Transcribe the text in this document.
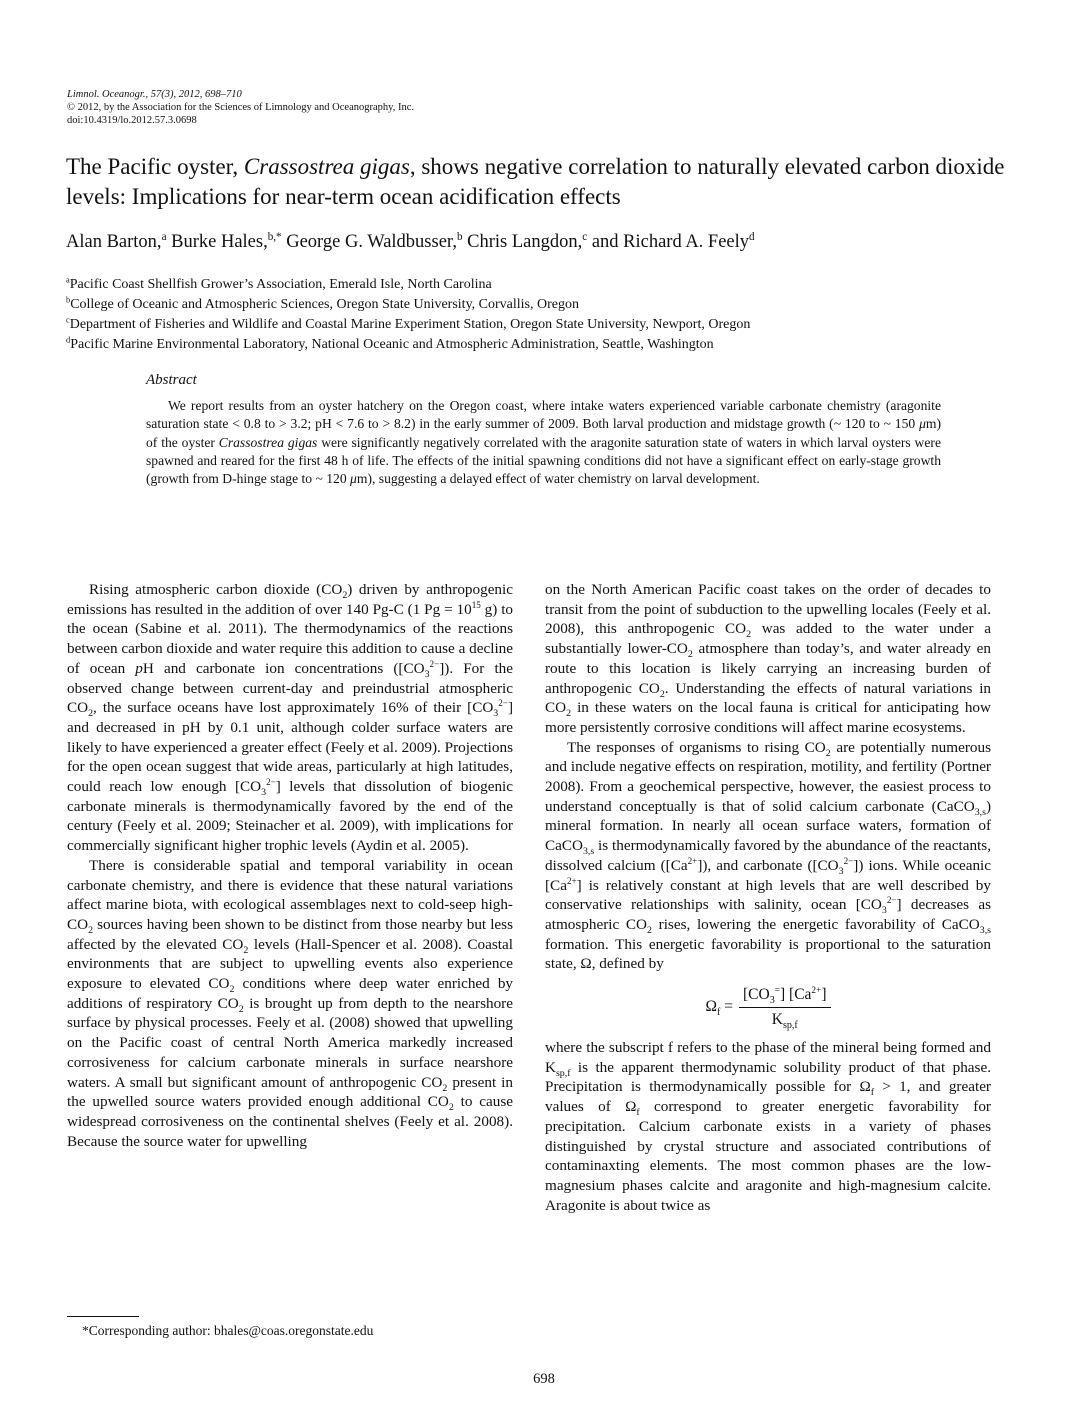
Limnol. Oceanogr., 57(3), 2012, 698–710
© 2012, by the Association for the Sciences of Limnology and Oceanography, Inc.
doi:10.4319/lo.2012.57.3.0698
The Pacific oyster, Crassostrea gigas, shows negative correlation to naturally elevated carbon dioxide levels: Implications for near-term ocean acidification effects
Alan Barton,$^a$ Burke Hales,$^{b,*}$ George G. Waldbusser,$^b$ Chris Langdon,$^c$ and Richard A. Feely$^d$
$^a$Pacific Coast Shellfish Grower’s Association, Emerald Isle, North Carolina
$^b$College of Oceanic and Atmospheric Sciences, Oregon State University, Corvallis, Oregon
$^c$Department of Fisheries and Wildlife and Coastal Marine Experiment Station, Oregon State University, Newport, Oregon
$^d$Pacific Marine Environmental Laboratory, National Oceanic and Atmospheric Administration, Seattle, Washington
Abstract
We report results from an oyster hatchery on the Oregon coast, where intake waters experienced variable carbonate chemistry (aragonite saturation state < 0.8 to > 3.2; pH < 7.6 to > 8.2) in the early summer of 2009. Both larval production and midstage growth (~ 120 to ~ 150 μm) of the oyster Crassostrea gigas were significantly negatively correlated with the aragonite saturation state of waters in which larval oysters were spawned and reared for the first 48 h of life. The effects of the initial spawning conditions did not have a significant effect on early-stage growth (growth from D-hinge stage to ~ 120 μm), suggesting a delayed effect of water chemistry on larval development.

Rising atmospheric carbon dioxide $(CO_2)$ driven by anthropogenic emissions has resulted in the addition of over 140 Pg-C (1 $Pg = 10^{15}$ g) to the ocean (Sabine et al. 2011). The thermodynamics of the reactions between carbon dioxide and water require this addition to cause a decline of ocean pH and carbonate ion concentrations $([CO_3^{2-}])$. For the observed change between current-day and preindustrial atmospheric $CO_2$, the surface oceans have lost approximately 16% of their $[CO_3^{2-}]$ and decreased in pH by 0.1 unit, although colder surface waters are likely to have experienced a greater effect (Feely et al. 2009). Projections for the open ocean suggest that wide areas, particularly at high latitudes, could reach low enough $[CO_3^{2-}]$ levels that dissolution of biogenic carbonate minerals is thermodynamically favored by the end of the century (Feely et al. 2009; Steinacher et al. 2009), with implications for commercially significant higher trophic levels (Aydin et al. 2005).

There is considerable spatial and temporal variability in ocean carbonate chemistry, and there is evidence that these natural variations affect marine biota, with ecological assemblages next to cold-seep high-$CO_2$ sources having been shown to be distinct from those nearby but less affected by the elevated $CO_2$ levels (Hall-Spencer et al. 2008). Coastal environments that are subject to upwelling events also experience exposure to elevated $CO_2$ conditions where deep water enriched by additions of respiratory $CO_2$ is brought up from depth to the nearshore surface by physical processes. Feely et al. (2008) showed that upwelling on the Pacific coast of central North America markedly increased corrosiveness for calcium carbonate minerals in surface nearshore waters. A small but significant amount of anthropogenic $CO_2$ present in the upwelled source waters provided enough additional $CO_2$ to cause widespread corrosiveness on the continental shelves (Feely et al. 2008). Because the source water for upwelling

on the North American Pacific coast takes on the order of decades to transit from the point of subduction to the upwelling locales (Feely et al. 2008), this anthropogenic $CO_2$ was added to the water under a substantially lower-$CO_2$ atmosphere than today’s, and water already en route to this location is likely carrying an increasing burden of anthropogenic $CO_2$. Understanding the effects of natural variations in $CO_2$ in these waters on the local fauna is critical for anticipating how more persistently corrosive conditions will affect marine ecosystems.

The responses of organisms to rising $CO_2$ are potentially numerous and include negative effects on respiration, motility, and fertility (Portner 2008). From a geochemical perspective, however, the easiest process to understand conceptually is that of solid calcium carbonate (CaCO$_{3,s}$) mineral formation. In nearly all ocean surface waters, formation of CaCO$_{3,s}$ is thermodynamically favored by the abundance of the reactants, dissolved calcium $([Ca^{2+}])$, and carbonate $([CO_3^{2-}])$ ions. While oceanic $[Ca^{2+}]$ is relatively constant at high levels that are well described by conservative relationships with salinity, ocean $[CO_3^{2-}]$ decreases as atmospheric $CO_2$ rises, lowering the energetic favorability of CaCO$_{3,s}$ formation. This energetic favorability is proportional to the saturation state, Ω, defined by

$\Omega_f = \frac{[CO_3^=] [Ca^{2+}]}{K_{sp,f}}$

where the subscript f refers to the phase of the mineral being formed and $K_{sp,f}$ is the apparent thermodynamic solubility product of that phase. Precipitation is thermodynamically possible for $\Omega_f > 1$, and greater values of $\Omega_f$ correspond to greater energetic favorability for precipitation. Calcium carbonate exists in a variety of phases distinguished by crystal structure and associated contributions of contaminaxting elements. The most common phases are the low-magnesium phases calcite and aragonite and high-magnesium calcite. Aragonite is about twice as

*Corresponding author: bhales@coas.oregonstate.edu
698
